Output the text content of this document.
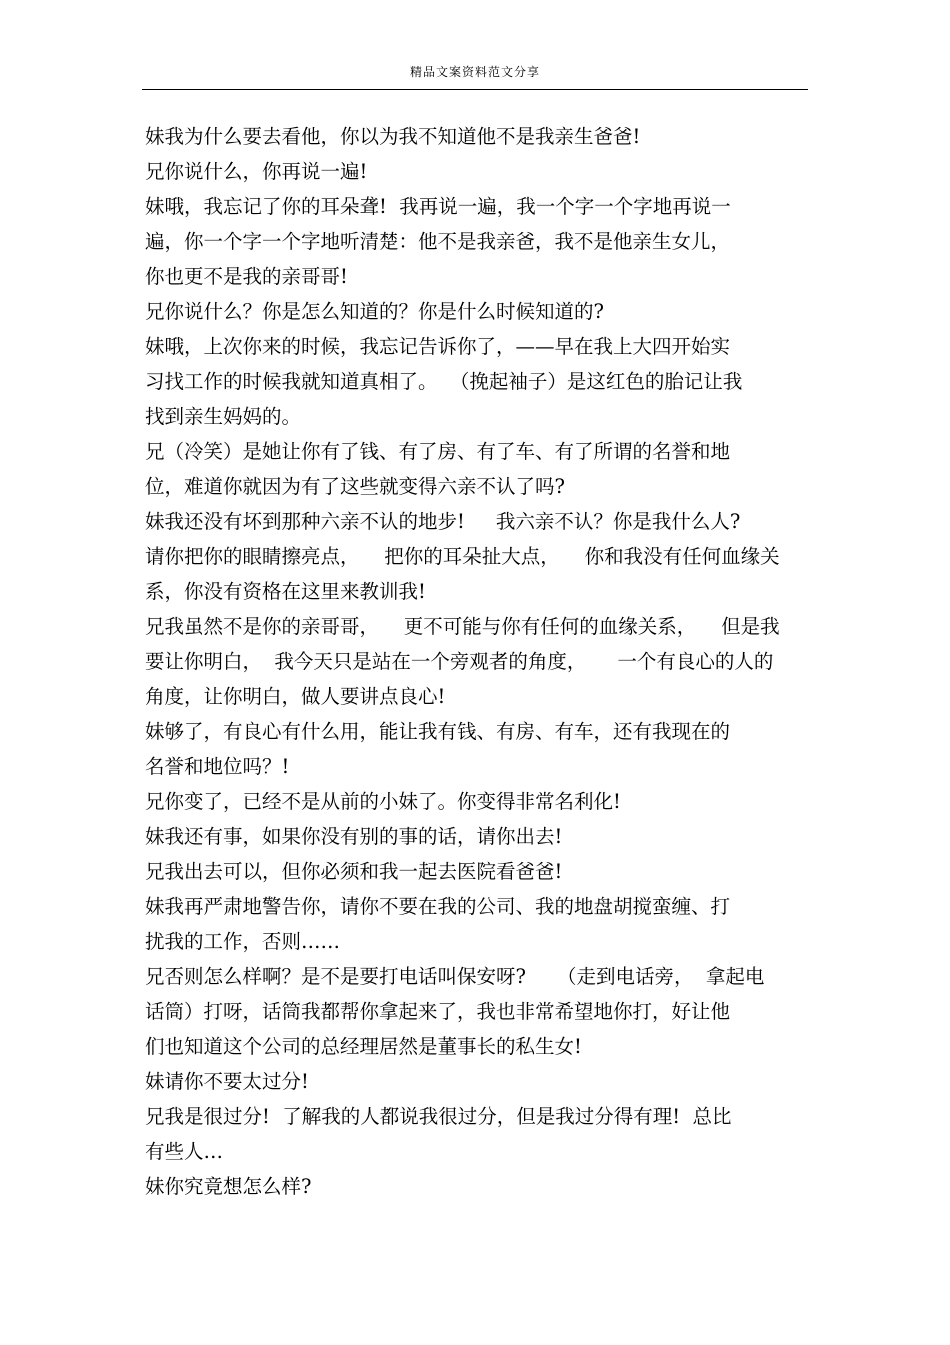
精品文案资料范文分享
妹我为什么要去看他，你以为我不知道他不是我亲生爸爸!
兄你说什么，你再说一遍!
妹哦，我忘记了你的耳朵聋!  我再说一遍，我一个字一个字地再说一
遍，你一个字一个字地听清楚：他不是我亲爸，我不是他亲生女儿，
你也更不是我的亲哥哥!
兄你说什么？你是怎么知道的？你是什么时候知道的?
妹哦，上次你来的时候，我忘记告诉你了，——早在我上大四开始实
习找工作的时候我就知道真相了。  （挽起袖子）是这红色的胎记让我
找到亲生妈妈的。
兄（冷笑）是她让你有了钱、有了房、有了车、有了所谓的名誉和地
位，难道你就因为有了这些就变得六亲不认了吗?
妹我还没有坏到那种六亲不认的地步!     我六亲不认？你是我什么人?
请你把你的眼睛擦亮点，    把你的耳朵扯大点，    你和我没有任何血缘关
系，你没有资格在这里来教训我!
兄我虽然不是你的亲哥哥，    更不可能与你有任何的血缘关系，    但是我
要让你明白，  我今天只是站在一个旁观者的角度，     一个有良心的人的
角度，让你明白，做人要讲点良心!
妹够了，有良心有什么用，能让我有钱、有房、有车，还有我现在的
名誉和地位吗？!
兄你变了，已经不是从前的小妹了。你变得非常名利化!
妹我还有事，如果你没有别的事的话，请你出去!
兄我出去可以，但你必须和我一起去医院看爸爸!
妹我再严肃地警告你，请你不要在我的公司、我的地盘胡搅蛮缠、打
扰我的工作，否则……
兄否则怎么样啊？是不是要打电话叫保安呀?     （走到电话旁，  拿起电
话筒）打呀，话筒我都帮你拿起来了，我也非常希望地你打，好让他
们也知道这个公司的总经理居然是董事长的私生女!
妹请你不要太过分!
兄我是很过分!  了解我的人都说我很过分，但是我过分得有理!  总比
有些人…
妹你究竟想怎么样?
